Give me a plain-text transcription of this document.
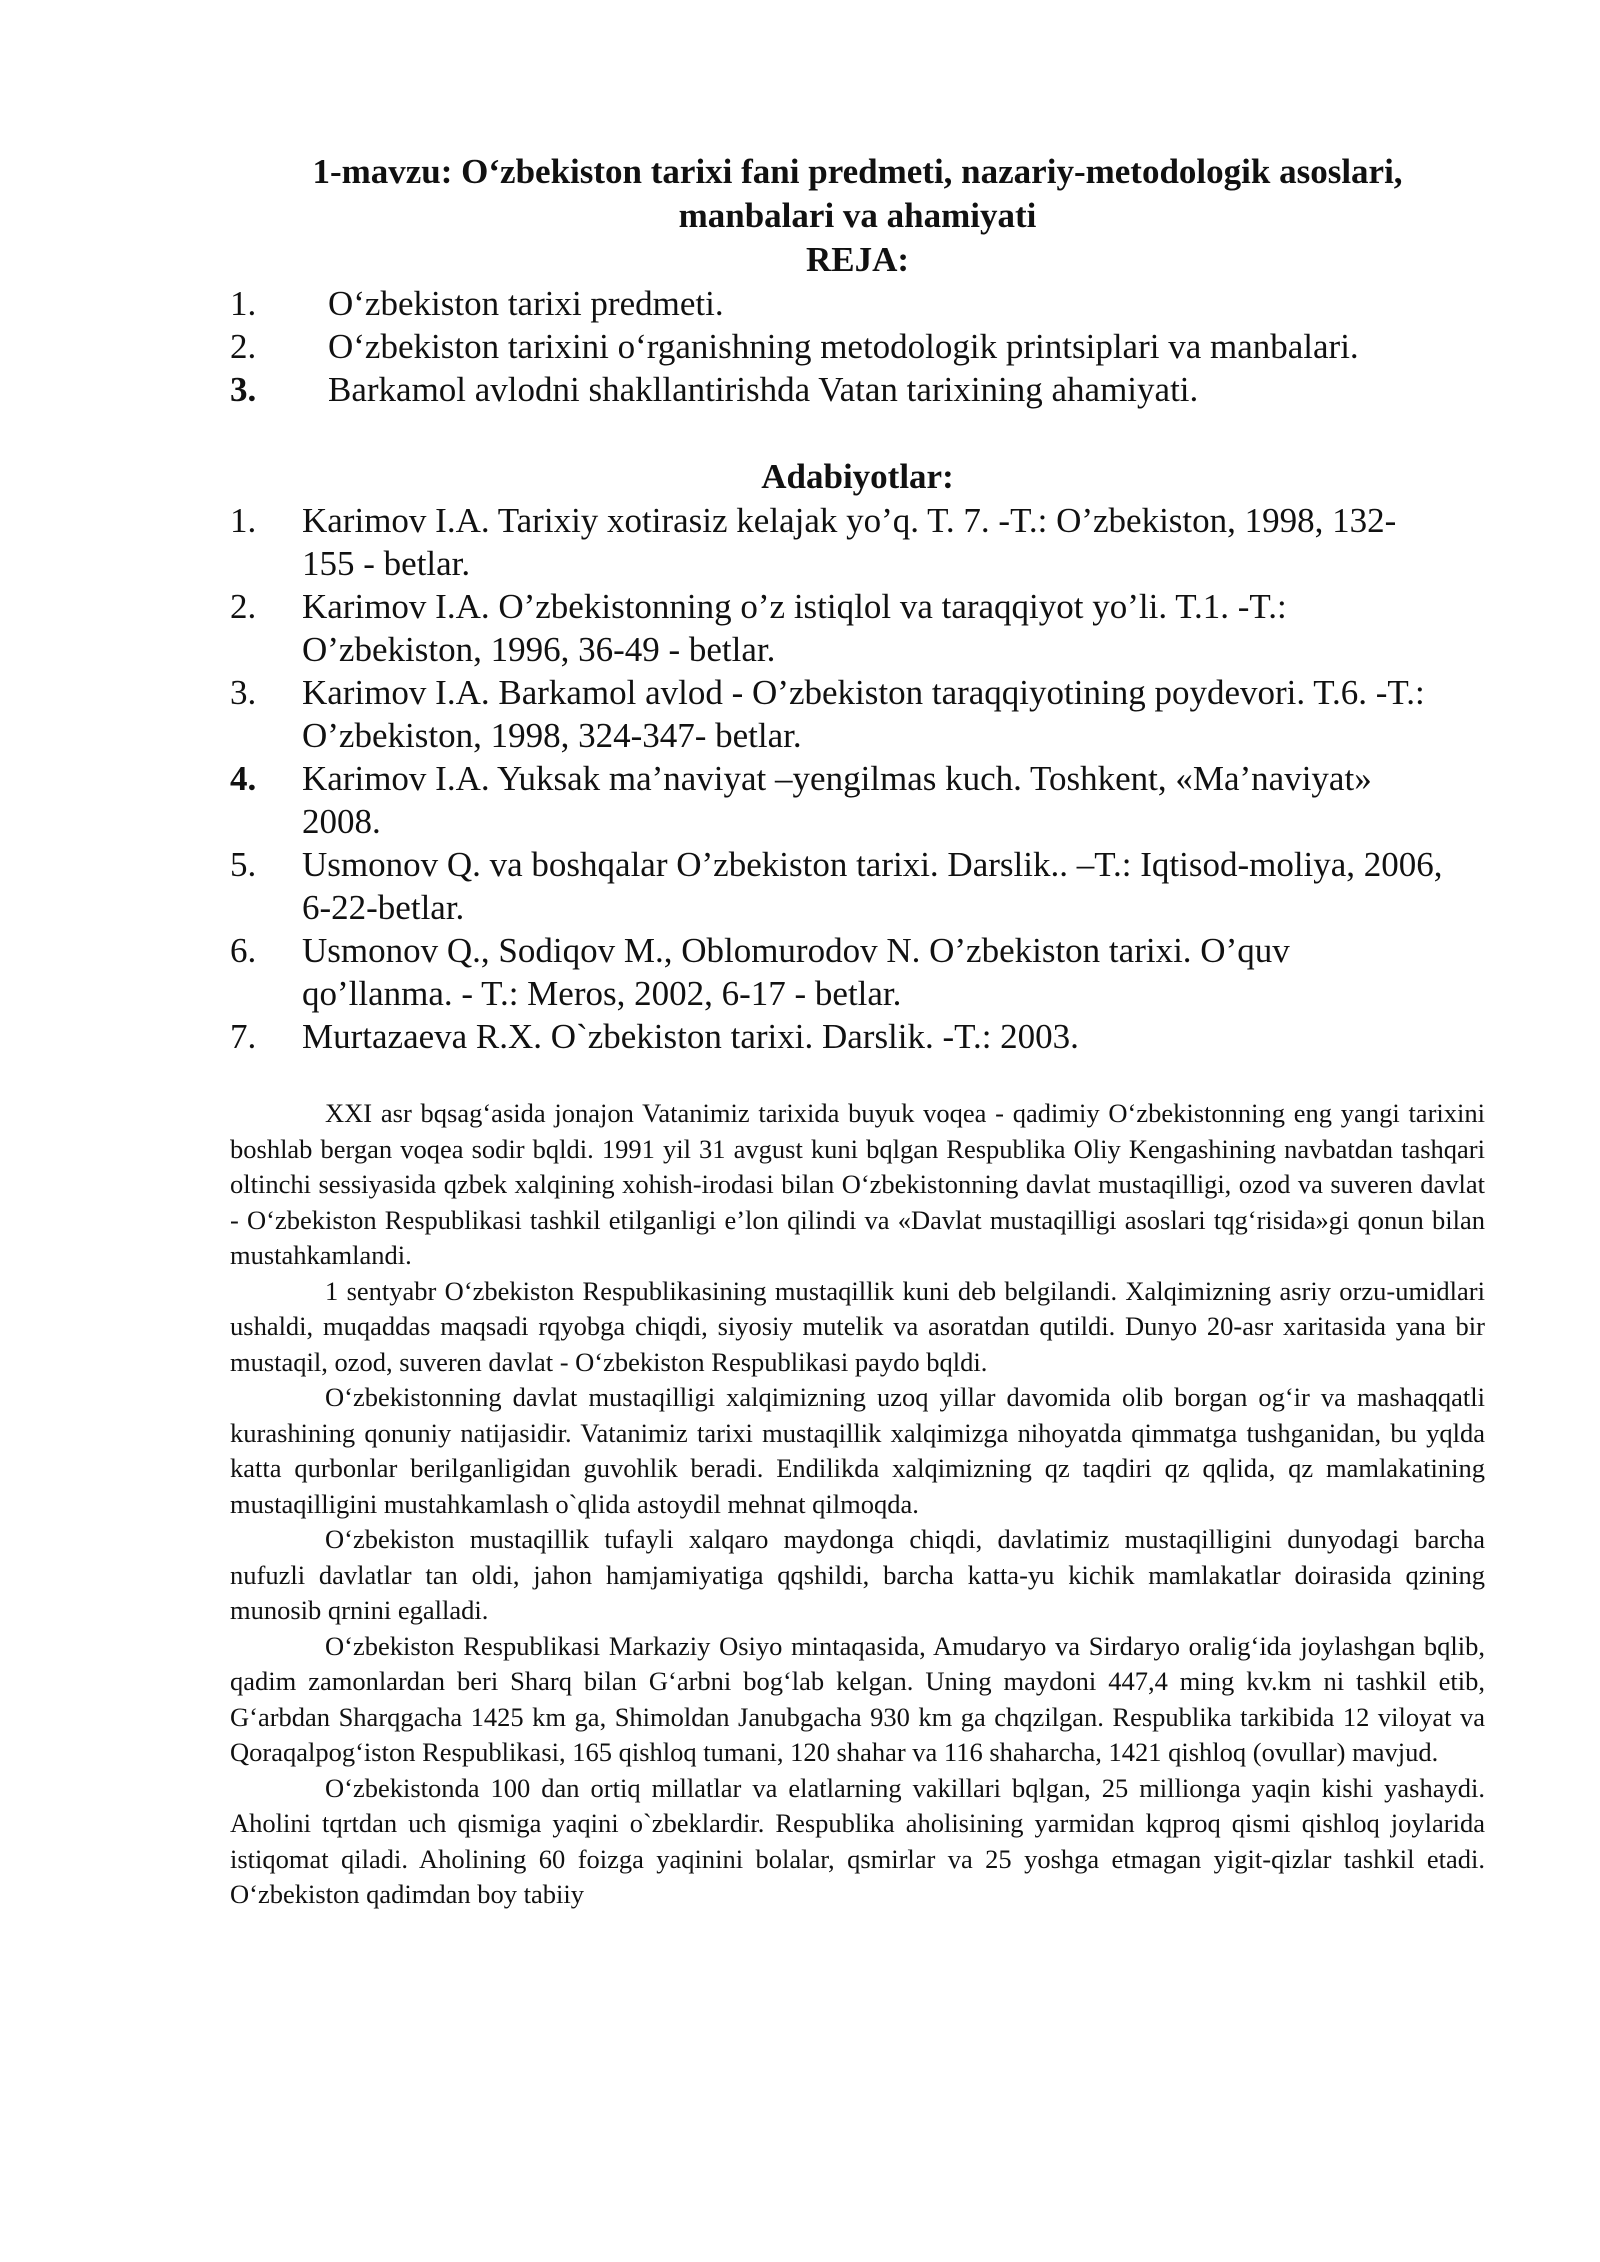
1-mavzu: O‘zbekiston tarixi fani predmeti, nazariy-metodologik asoslari,

manbalari va ahamiyati

REJA:

1.	O‘zbekiston tarixi predmeti.
2.	O‘zbekiston tarixini o‘rganishning metodologik printsiplari va manbalari.
3.	Barkamol avlodni shakllantirishda Vatan tarixining ahamiyati.

Adabiyotlar:

1.	Karimov I.A. Tarixiy xotirasiz kelajak yo’q. T. 7. -T.: O’zbekiston, 1998, 132-155 - betlar.
2.	Karimov I.A. O’zbekistonning o’z istiqlol va taraqqiyot yo’li. T.1. -T.: O’zbekiston, 1996, 36-49 - betlar.
3.	Karimov I.A. Barkamol avlod - O’zbekiston taraqqiyotining poydevori. T.6. -T.: O’zbekiston, 1998, 324-347- betlar.
4.	Karimov I.A. Yuksak ma’naviyat –yengilmas kuch. Toshkent, «Ma’naviyat» 2008.
5.	Usmonov Q. va boshqalar O’zbekiston tarixi. Darslik.. –T.: Iqtisod-moliya, 2006, 6-22-betlar.
6.	Usmonov Q., Sodiqov M., Oblomurodov N. O’zbekiston tarixi. O’quv qo’llanma. - T.: Meros, 2002, 6-17 - betlar.
7.	Murtazaeva R.X. O`zbekiston tarixi. Darslik. -T.: 2003.

XXI asr bqsag‘asida jonajon Vatanimiz tarixida buyuk voqea - qadimiy O‘zbekistonning eng yangi tarixini boshlab bergan voqea sodir bqldi. 1991 yil 31 avgust kuni bqlgan Respublika Oliy Kengashining navbatdan tashqari oltinchi sessiyasida qzbek xalqining xohish-irodasi bilan O‘zbekistonning davlat mustaqilligi, ozod va suveren davlat - O‘zbekiston Respublikasi tashkil etilganligi e’lon qilindi va «Davlat mustaqilligi asoslari tqg‘risida»gi qonun bilan mustahkamlandi.

1 sentyabr O‘zbekiston Respublikasining mustaqillik kuni deb belgilandi. Xalqimizning asriy orzu-umidlari ushaldi, muqaddas maqsadi rqyobga chiqdi, siyosiy mutelik va asoratdan qutildi. Dunyo 20-asr xaritasida yana bir mustaqil, ozod, suveren davlat - O‘zbekiston Respublikasi paydo bqldi.

O‘zbekistonning davlat mustaqilligi xalqimizning uzoq yillar davomida olib borgan og‘ir va mashaqqatli kurashining qonuniy natijasidir. Vatanimiz tarixi mustaqillik xalqimizga nihoyatda qimmatga tushganidan, bu yqlda katta qurbonlar berilganligidan guvohlik beradi. Endilikda xalqimizning qz taqdiri qz qqlida, qz mamlakatining mustaqilligini mustahkamlash o`qlida astoydil mehnat qilmoqda.

O‘zbekiston mustaqillik tufayli xalqaro maydonga chiqdi, davlatimiz mustaqilligini dunyodagi barcha nufuzli davlatlar tan oldi, jahon hamjamiyatiga qqshildi, barcha katta-yu kichik mamlakatlar doirasida qzining munosib qrnini egalladi.

O‘zbekiston Respublikasi Markaziy Osiyo mintaqasida, Amudaryo va Sirdaryo oralig‘ida joylashgan bqlib, qadim zamonlardan beri Sharq bilan G‘arbni bog‘lab kelgan. Uning maydoni 447,4 ming kv.km ni tashkil etib, G‘arbdan Sharqgacha 1425 km ga, Shimoldan Janubgacha 930 km ga chqzilgan. Respublika tarkibida 12 viloyat va Qoraqalpog‘iston Respublikasi, 165 qishloq tumani, 120 shahar va 116 shaharcha, 1421 qishloq (ovullar) mavjud.

O‘zbekistonda 100 dan ortiq millatlar va elatlarning vakillari bqlgan, 25 millionga yaqin kishi yashaydi. Aholini tqrtdan uch qismiga yaqini o`zbeklardir. Respublika aholisining yarmidan kqproq qismi qishloq joylarida istiqomat qiladi. Aholining 60 foizga yaqinini bolalar, qsmirlar va 25 yoshga etmagan yigit-qizlar tashkil etadi. O‘zbekiston qadimdan boy tabiiy
